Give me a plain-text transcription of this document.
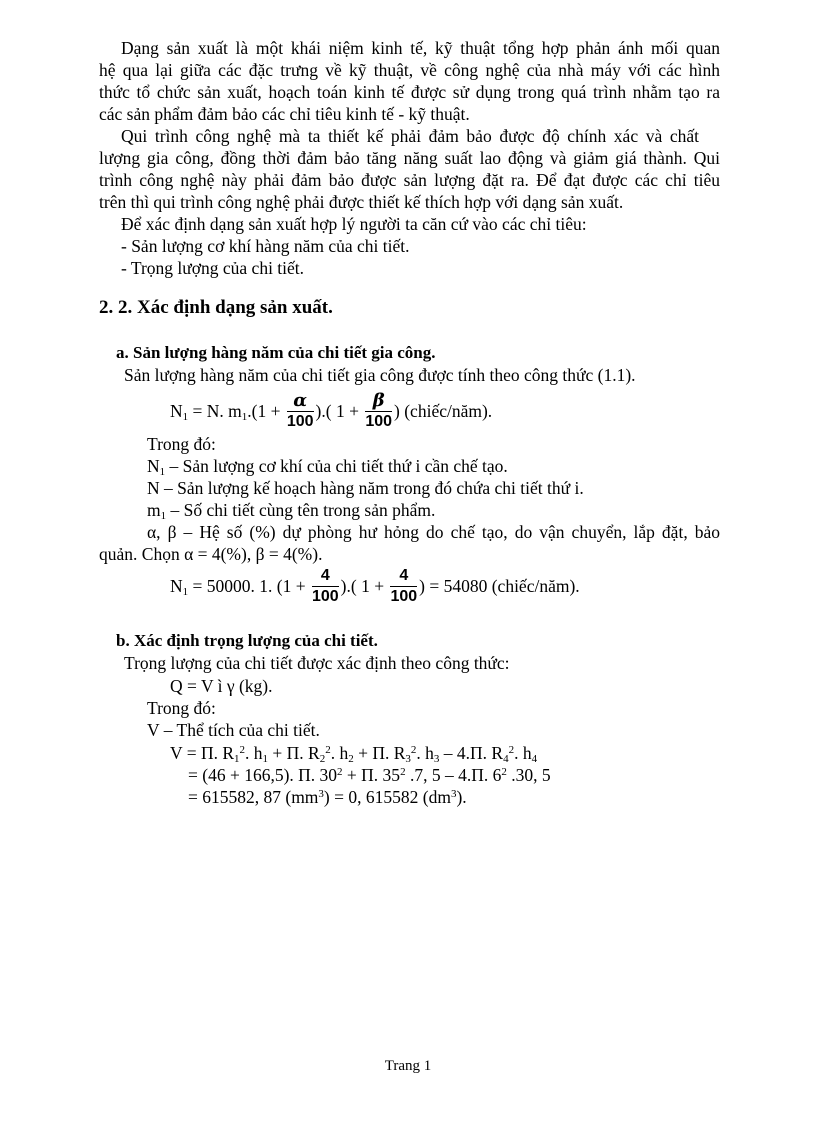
Dạng sản xuất là một khái niệm kinh tế, kỹ thuật tổng hợp phản ánh mối quan
hệ qua lại giữa các đặc trưng về kỹ thuật, về công nghệ của nhà máy với các hình
thức tổ chức sản xuất, hoạch toán kinh tế được sử dụng trong quá trình nhằm tạo ra
các sản phẩm đảm bảo các chỉ tiêu kinh tế - kỹ thuật.
Qui trình công nghệ mà ta thiết kế phải đảm bảo được độ chính xác và chất
lượng gia công, đồng thời đảm bảo tăng năng suất lao động và giảm giá thành. Qui
trình công nghệ này phải đảm bảo được sản lượng đặt ra. Để đạt được các chỉ tiêu
trên thì qui trình công nghệ phải được thiết kế thích hợp với dạng sản xuất.
Để xác định dạng sản xuất hợp lý người ta căn cứ vào các chỉ tiêu:
- Sản lượng cơ khí hàng năm của chi tiết.
- Trọng lượng của chi tiết.
2. 2. Xác định dạng sản xuất.
a. Sản lượng hàng năm của chi tiết gia công.
Sản lượng hàng năm của chi tiết gia công được tính theo công thức (1.1).
$N_1 = N$. $m_1.(1 + \frac{\alpha}{100}$ ).( $1 + \frac{\beta}{100}$ ) (chiếc/năm).
Trong đó:
$N_1$ – Sản lượng cơ khí của chi tiết thứ i cần chế tạo.
N – Sản lượng kế hoạch hàng năm trong đó chứa chi tiết thứ i.
$m_1$ – Số chi tiết cùng tên trong sản phẩm.
α, β – Hệ số (%) dự phòng hư hỏng do chế tạo, do vận chuyển, lắp đặt, bảo
quản. Chọn α = 4(%), β = 4(%).
$N_1 = 50000$. 1. ($1 + \frac{4}{100}$ ).( $1 + \frac{4}{100}$ ) = 54080 (chiếc/năm).
b. Xác định trọng lượng của chi tiết.
Trọng lượng của chi tiết được xác định theo công thức:
Q = V ì γ (kg).
Trong đó:
V – Thể tích của chi tiết.
V = Π. $R_1^2$. $h_1 + \Pi$. $R_2^2$. $h_2 + \Pi$. $R_3^2$. $h_3 - 4.\Pi$. $R_4^2$. $h_4$
= (46 + 166,5). Π. $30^2 + \Pi$. $35^2$ .7, 5 – 4.Π. $6^2$ .30, 5
= 615582, 87 $(mm^3) = 0$, 615582 $(dm^3)$.
Trang 1
